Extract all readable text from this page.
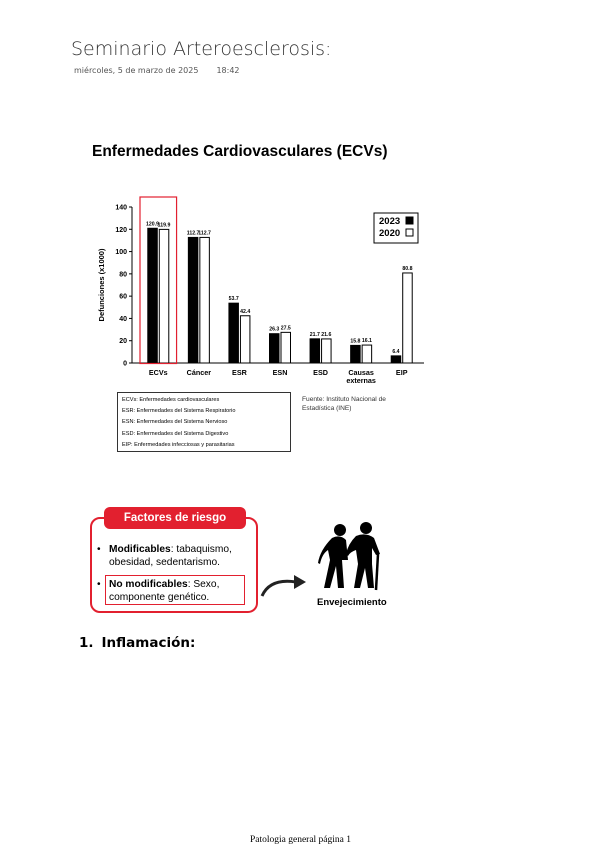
Seminario Arteroesclerosis:
miércoles, 5 de marzo de 2025 18:42
Enfermedades Cardiovasculares (ECVs)
Defunciones (x1000)
0
20
40
60
80
100
120
140
120.9
119.9
ECVs
112.7
112.7
Cáncer
53.7
42.4
ESR
26.3 27.5
ESN
21.7 21.6
ESD
15.8 16.1
Causas
externas
6.4
80.8
EIP
2023
2020
ECVs: Enfermedades cardiovasculares
ESR: Enfermedades del Sistema Respiratorio
ESN: Enfermedades del Sistema Nervioso
ESD: Enfermedades del Sistema Digestivo
EIP: Enfermedades infecciosas y parasitarias
Fuente: Instituto Nacional de
Estadística (INE)
Factores de riesgo
• Modificables: tabaquismo, obesidad, sedentarismo.
• No modificables: Sexo, componente genético.	Envejecimiento
1. Inflamación:
Patologia general página 1
